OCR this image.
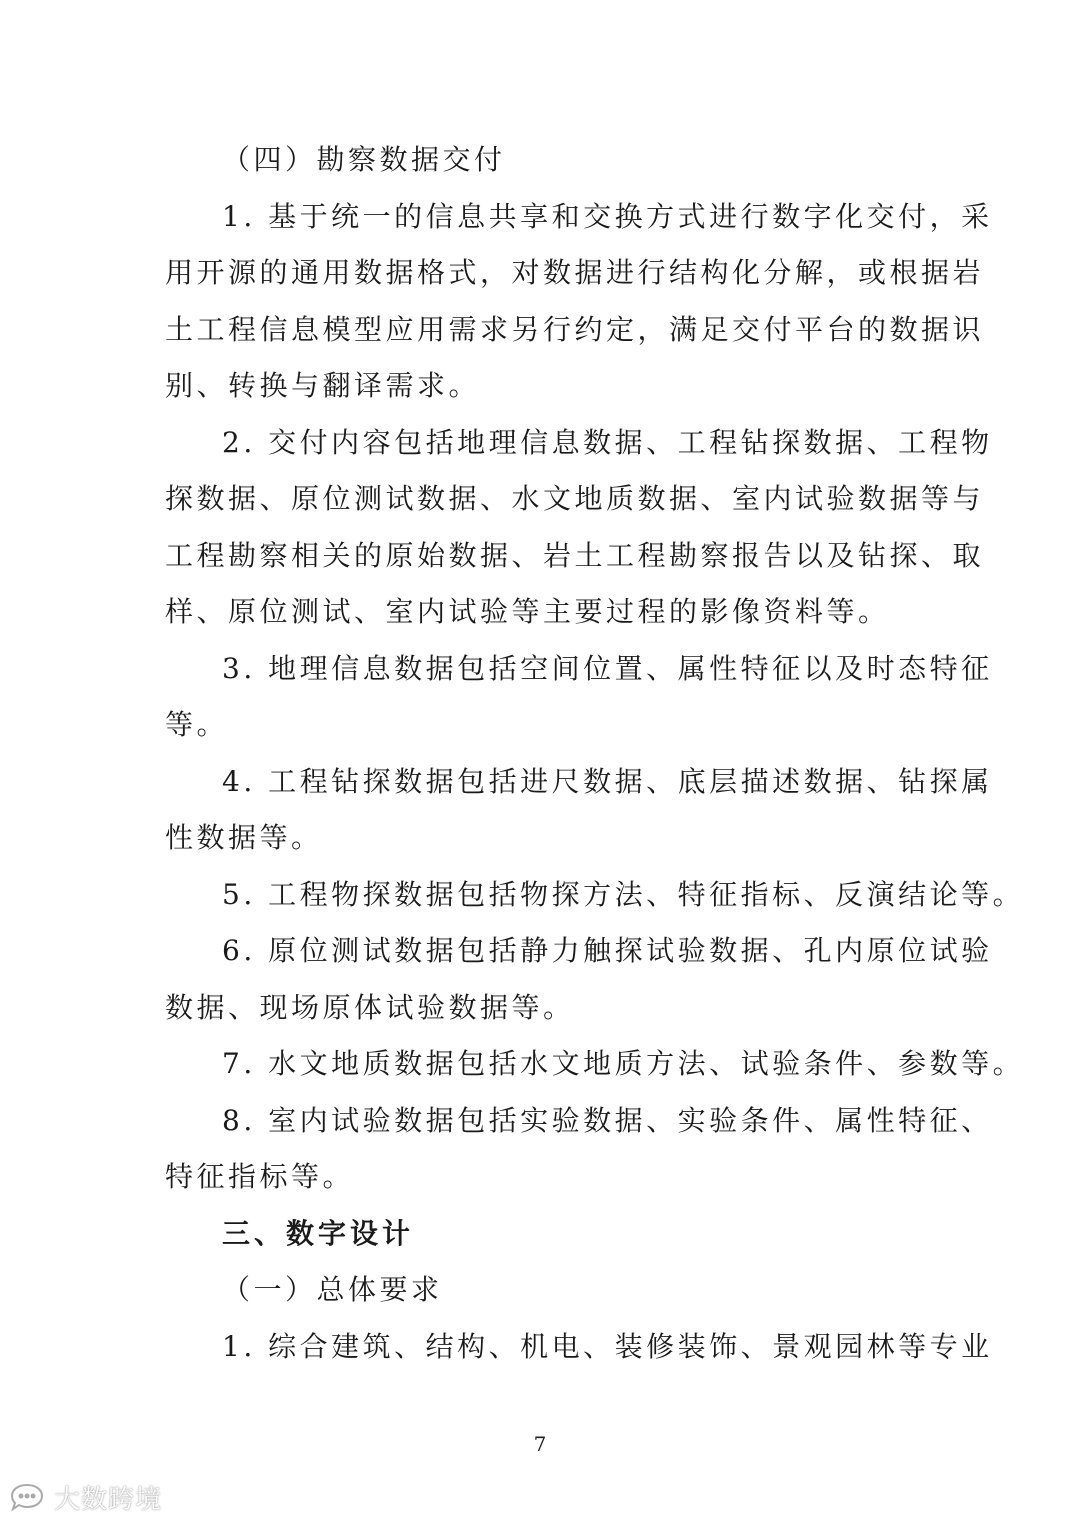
（四）勘察数据交付
1. 基于统一的信息共享和交换方式进行数字化交付，采
用开源的通用数据格式，对数据进行结构化分解，或根据岩
土工程信息模型应用需求另行约定，满足交付平台的数据识
别、转换与翻译需求。
2. 交付内容包括地理信息数据、工程钻探数据、工程物
探数据、原位测试数据、水文地质数据、室内试验数据等与
工程勘察相关的原始数据、岩土工程勘察报告以及钻探、取
样、原位测试、室内试验等主要过程的影像资料等。
3. 地理信息数据包括空间位置、属性特征以及时态特征
等。
4. 工程钻探数据包括进尺数据、底层描述数据、钻探属
性数据等。
5. 工程物探数据包括物探方法、特征指标、反演结论等。
6. 原位测试数据包括静力触探试验数据、孔内原位试验
数据、现场原体试验数据等。
7. 水文地质数据包括水文地质方法、试验条件、参数等。
8. 室内试验数据包括实验数据、实验条件、属性特征、
特征指标等。
三、数字设计
（一）总体要求
1. 综合建筑、结构、机电、装修装饰、景观园林等专业
7
大数跨境
